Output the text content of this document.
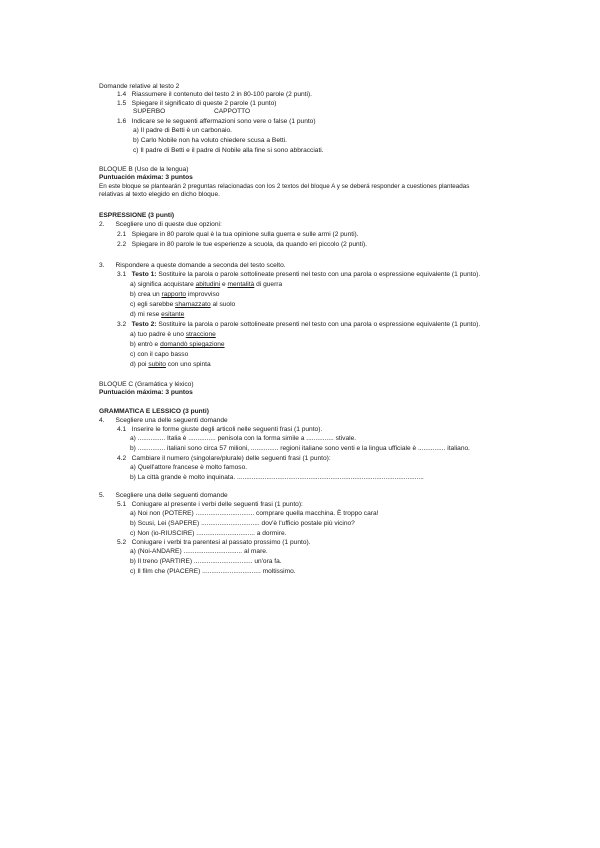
Domande relative al testo 2
1.4 Riassumere il contenuto del testo 2 in 80-100 parole (2 punti).
1.5 Spiegare il significato di queste 2 parole (1 punto)
SUPERBO	CAPPOTTO
1.6 Indicare se le seguenti affermazioni sono vere o false (1 punto)
a) Il padre di Betti è un carbonaio.
b) Carlo Nobile non ha voluto chiedere scusa a Betti.
c) Il padre di Betti e il padre di Nobile alla fine si sono abbracciati.
BLOQUE B (Uso de la lengua)
Puntuación máxima: 3 puntos
En este bloque se plantearán 2 preguntas relacionadas con los 2 textos del bloque A y se deberá responder a cuestiones planteadas
relativas al texto elegido en dicho bloque.
ESPRESSIONE (3 punti)
2. Scegliere uno di queste due opzioni:
2.1 Spiegare in 80 parole qual è la tua opinione sulla guerra e sulle armi (2 punti).
2.2 Spiegare in 80 parole le tue esperienze a scuola, da quando eri piccolo (2 punti).
3. Rispondere a queste domande a seconda del testo scelto.
3.1 Testo 1: Sostituire la parola o parole sottolineate presenti nel testo con una parola o espressione equivalente (1 punto).
a) significa acquistare abitudini e mentalità di guerra
b) crea un rapporto improvviso
c) egli sarebbe shamazzato al suolo
d) mi rese esitante
3.2 Testo 2: Sostituire la parola o parole sottolineate presenti nel testo con una parola o espressione equivalente (1 punto).
a) tuo padre è uno straccione
b) entrò e domandò spiegazione
c) con il capo basso
d) poi subito con uno spinta
BLOQUE C (Gramática y léxico)
Puntuación máxima: 3 puntos
GRAMMATICA E LESSICO (3 punti)
4. Scegliere una delle seguenti domande
4.1 Inserire le forme giuste degli articoli nelle seguenti frasi (1 punto).
a) ............... Italia è ............... penisola con la forma simile a ............... stivale.
b) ............... italiani sono circa 57 milioni, ............... regioni italiane sono venti e la lingua ufficiale è ............... italiano.
4.2 Cambiare il numero (singolare/plurale) delle seguenti frasi (1 punto):
a) Quell'attore francese è molto famoso.
b) La città grande è molto inquinata. ......................................................................................................
5. Scegliere una delle seguenti domande
5.1 Coniugare al presente i verbi delle seguenti frasi (1 punto):
a) Noi non (POTERE) ................................ comprare quella macchina. È troppo cara!
b) Scusi, Lei (SAPERE) ................................ dov'è l'ufficio postale più vicino?
c) Non (io-RIUSCIRE) ................................ a dormire.
5.2 Coniugare i verbi tra parentesi al passato prossimo (1 punto).
a) (Noi-ANDARE) ................................ al mare.
b) Il treno (PARTIRE) ................................ un'ora fa.
c) Il film che (PIACERE) ................................ moltissimo.
